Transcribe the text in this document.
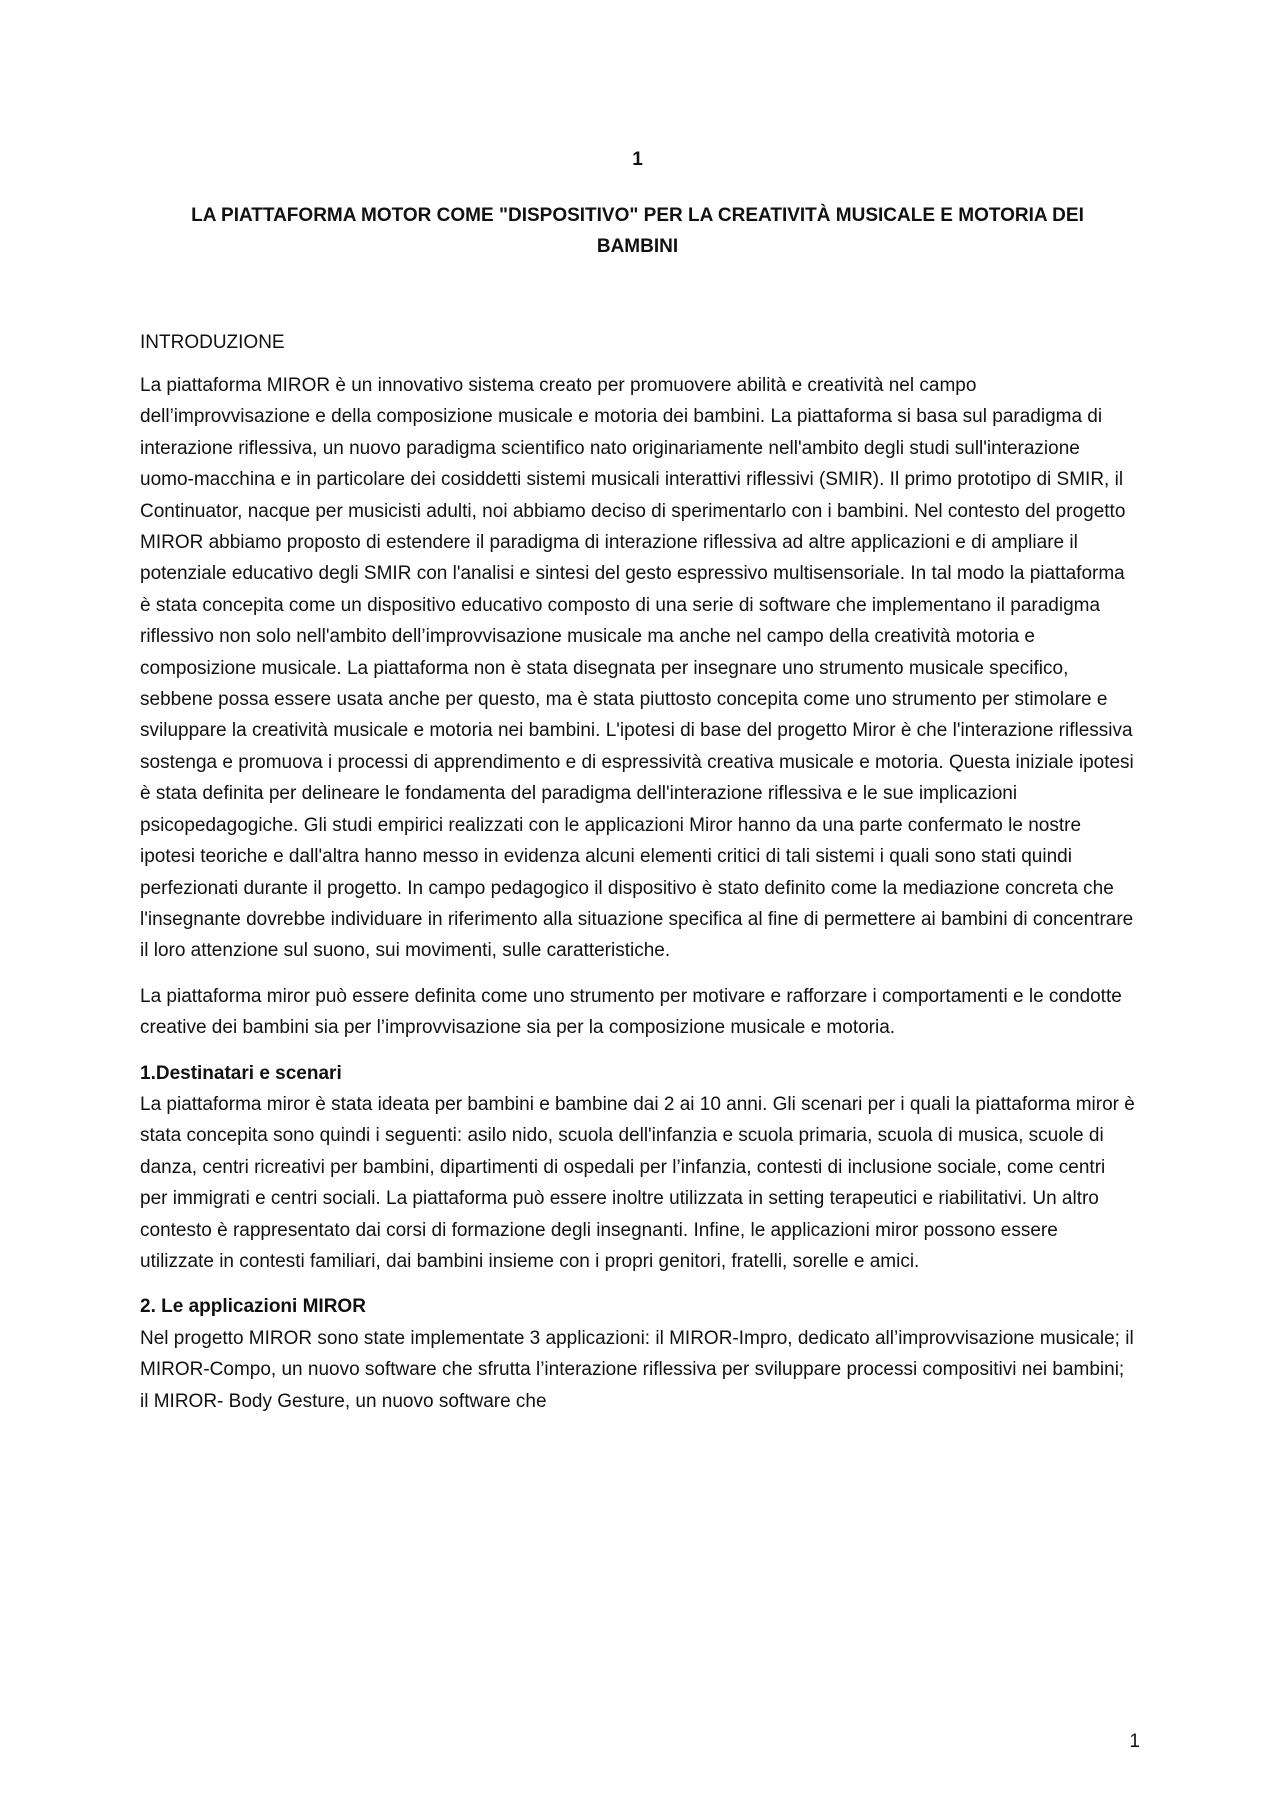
1
LA PIATTAFORMA MOTOR COME "DISPOSITIVO" PER LA CREATIVITÀ MUSICALE E MOTORIA DEI BAMBINI
INTRODUZIONE

La piattaforma MIROR è un innovativo sistema creato per promuovere abilità e creatività nel campo dell’improvvisazione e della composizione musicale e motoria dei bambini. La piattaforma si basa sul paradigma di interazione riflessiva, un nuovo paradigma scientifico nato originariamente nell'ambito degli studi sull'interazione uomo-macchina e in particolare dei cosiddetti sistemi musicali interattivi riflessivi (SMIR). Il primo prototipo di SMIR, il Continuator, nacque per musicisti adulti, noi abbiamo deciso di sperimentarlo con i bambini. Nel contesto del progetto MIROR abbiamo proposto di estendere il paradigma di interazione riflessiva ad altre applicazioni e di ampliare il potenziale educativo degli SMIR con l'analisi e sintesi del gesto espressivo multisensoriale. In tal modo la piattaforma è stata concepita come un dispositivo educativo composto di una serie di software che implementano il paradigma riflessivo non solo nell'ambito dell’improvvisazione musicale ma anche nel campo della creatività motoria e composizione musicale. La piattaforma non è stata disegnata per insegnare uno strumento musicale specifico, sebbene possa essere usata anche per questo, ma è stata piuttosto concepita come uno strumento per stimolare e sviluppare la creatività musicale e motoria nei bambini. L'ipotesi di base del progetto Miror è che l'interazione riflessiva sostenga e promuova i processi di apprendimento e di espressività creativa musicale e motoria. Questa iniziale ipotesi è stata definita per delineare le fondamenta del paradigma dell'interazione riflessiva e le sue implicazioni psicopedagogiche. Gli studi empirici realizzati con le applicazioni Miror hanno da una parte confermato le nostre ipotesi teoriche e dall'altra hanno messo in evidenza alcuni elementi critici di tali sistemi i quali sono stati quindi perfezionati durante il progetto. In campo pedagogico il dispositivo è stato definito come la mediazione concreta che l'insegnante dovrebbe individuare in riferimento alla situazione specifica al fine di permettere ai bambini di concentrare il loro attenzione sul suono, sui movimenti, sulle caratteristiche.

La piattaforma miror può essere definita come uno strumento per motivare e rafforzare i comportamenti e le condotte creative dei bambini sia per l’improvvisazione sia per la composizione musicale e motoria.

1.Destinatari e scenari

La piattaforma miror è stata ideata per bambini e bambine dai 2 ai 10 anni. Gli scenari per i quali la piattaforma miror è stata concepita sono quindi i seguenti: asilo nido, scuola dell'infanzia e scuola primaria, scuola di musica, scuole di danza, centri ricreativi per bambini, dipartimenti di ospedali per l’infanzia, contesti di inclusione sociale, come centri per immigrati e centri sociali. La piattaforma può essere inoltre utilizzata in setting terapeutici e riabilitativi. Un altro contesto è rappresentato dai corsi di formazione degli insegnanti. Infine, le applicazioni miror possono essere utilizzate in contesti familiari, dai bambini insieme con i propri genitori, fratelli, sorelle e amici.

2. Le applicazioni MIROR

Nel progetto MIROR sono state implementate 3 applicazioni: il MIROR-Impro, dedicato all’improvvisazione musicale; il MIROR-Compo, un nuovo software che sfrutta l’interazione riflessiva per sviluppare processi compositivi nei bambini; il MIROR- Body Gesture, un nuovo software che

1
